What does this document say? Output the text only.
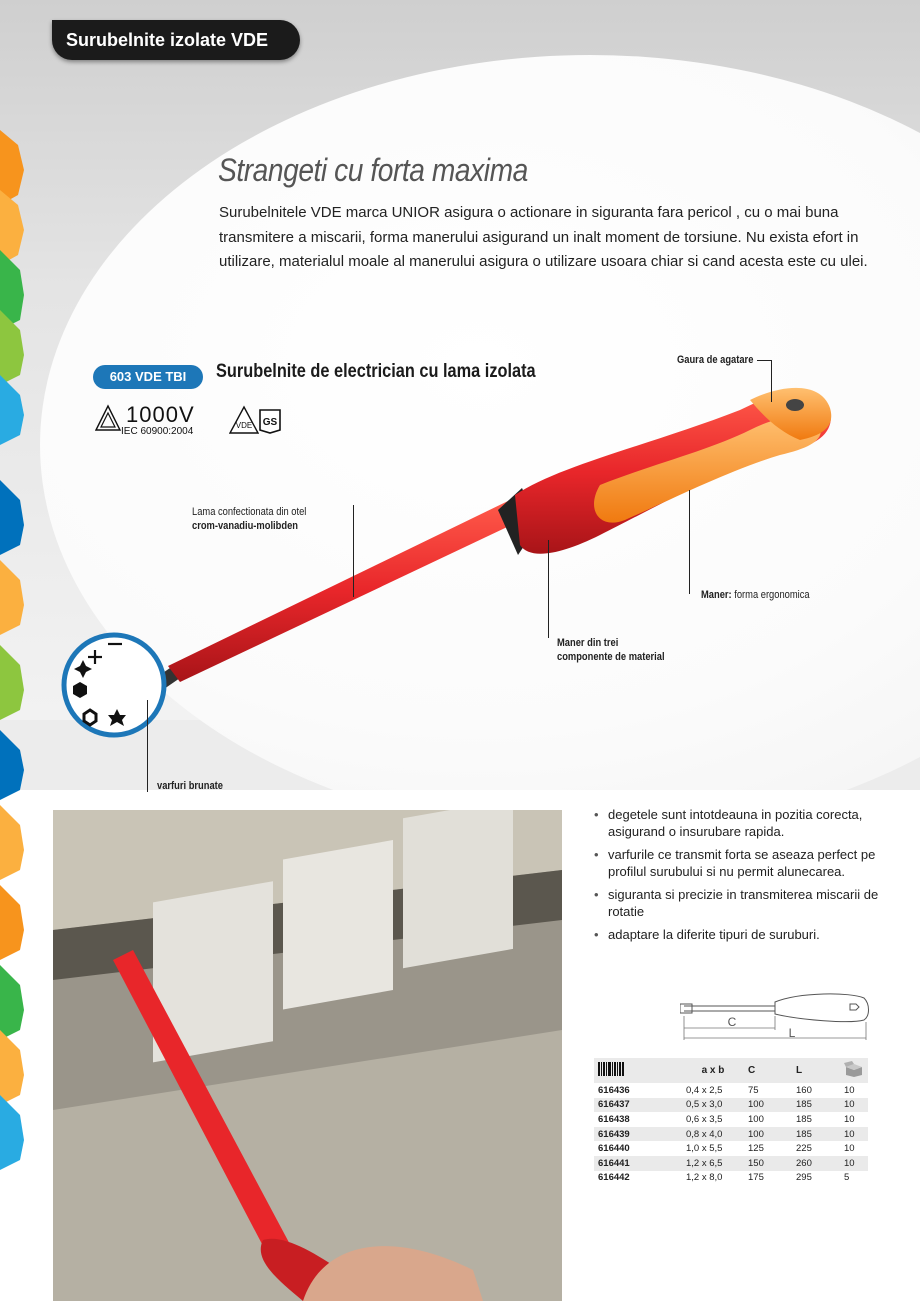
Surubelnite izolate VDE
Strangeti cu forta maxima
Surubelnitele VDE marca UNIOR asigura o actionare in siguranta fara pericol , cu o mai buna transmitere a miscarii, forma manerului asigurand un inalt moment de torsiune. Nu exista efort in utilizare, materialul moale al manerului asigura o utilizare usoara chiar si cand acesta este cu ulei.
603 VDE TBI	Surubelnite de electrician cu lama izolata
1000V
IEC 60900:2004
VDE GS
Gaura de agatare
Lama confectionata din otel
crom-vanadiu-molibden
Maner: forma ergonomica
Maner din trei
componente de material
varfuri brunate
• degetele sunt intotdeauna in pozitia corecta, asigurand o insurubare rapida.
• varfurile ce transmit forta se aseaza perfect pe profilul surubului si nu permit alunecarea.
• siguranta si precizie in transmiterea miscarii de rotatie
• adaptare la diferite tipuri de suruburi.
C
L
	a x b	C	L	
616436	0,4 x 2,5	75	160	10
616437	0,5 x 3,0	100	185	10
616438	0,6 x 3,5	100	185	10
616439	0,8 x 4,0	100	185	10
616440	1,0 x 5,5	125	225	10
616441	1,2 x 6,5	150	260	10
616442	1,2 x 8,0	175	295	5
